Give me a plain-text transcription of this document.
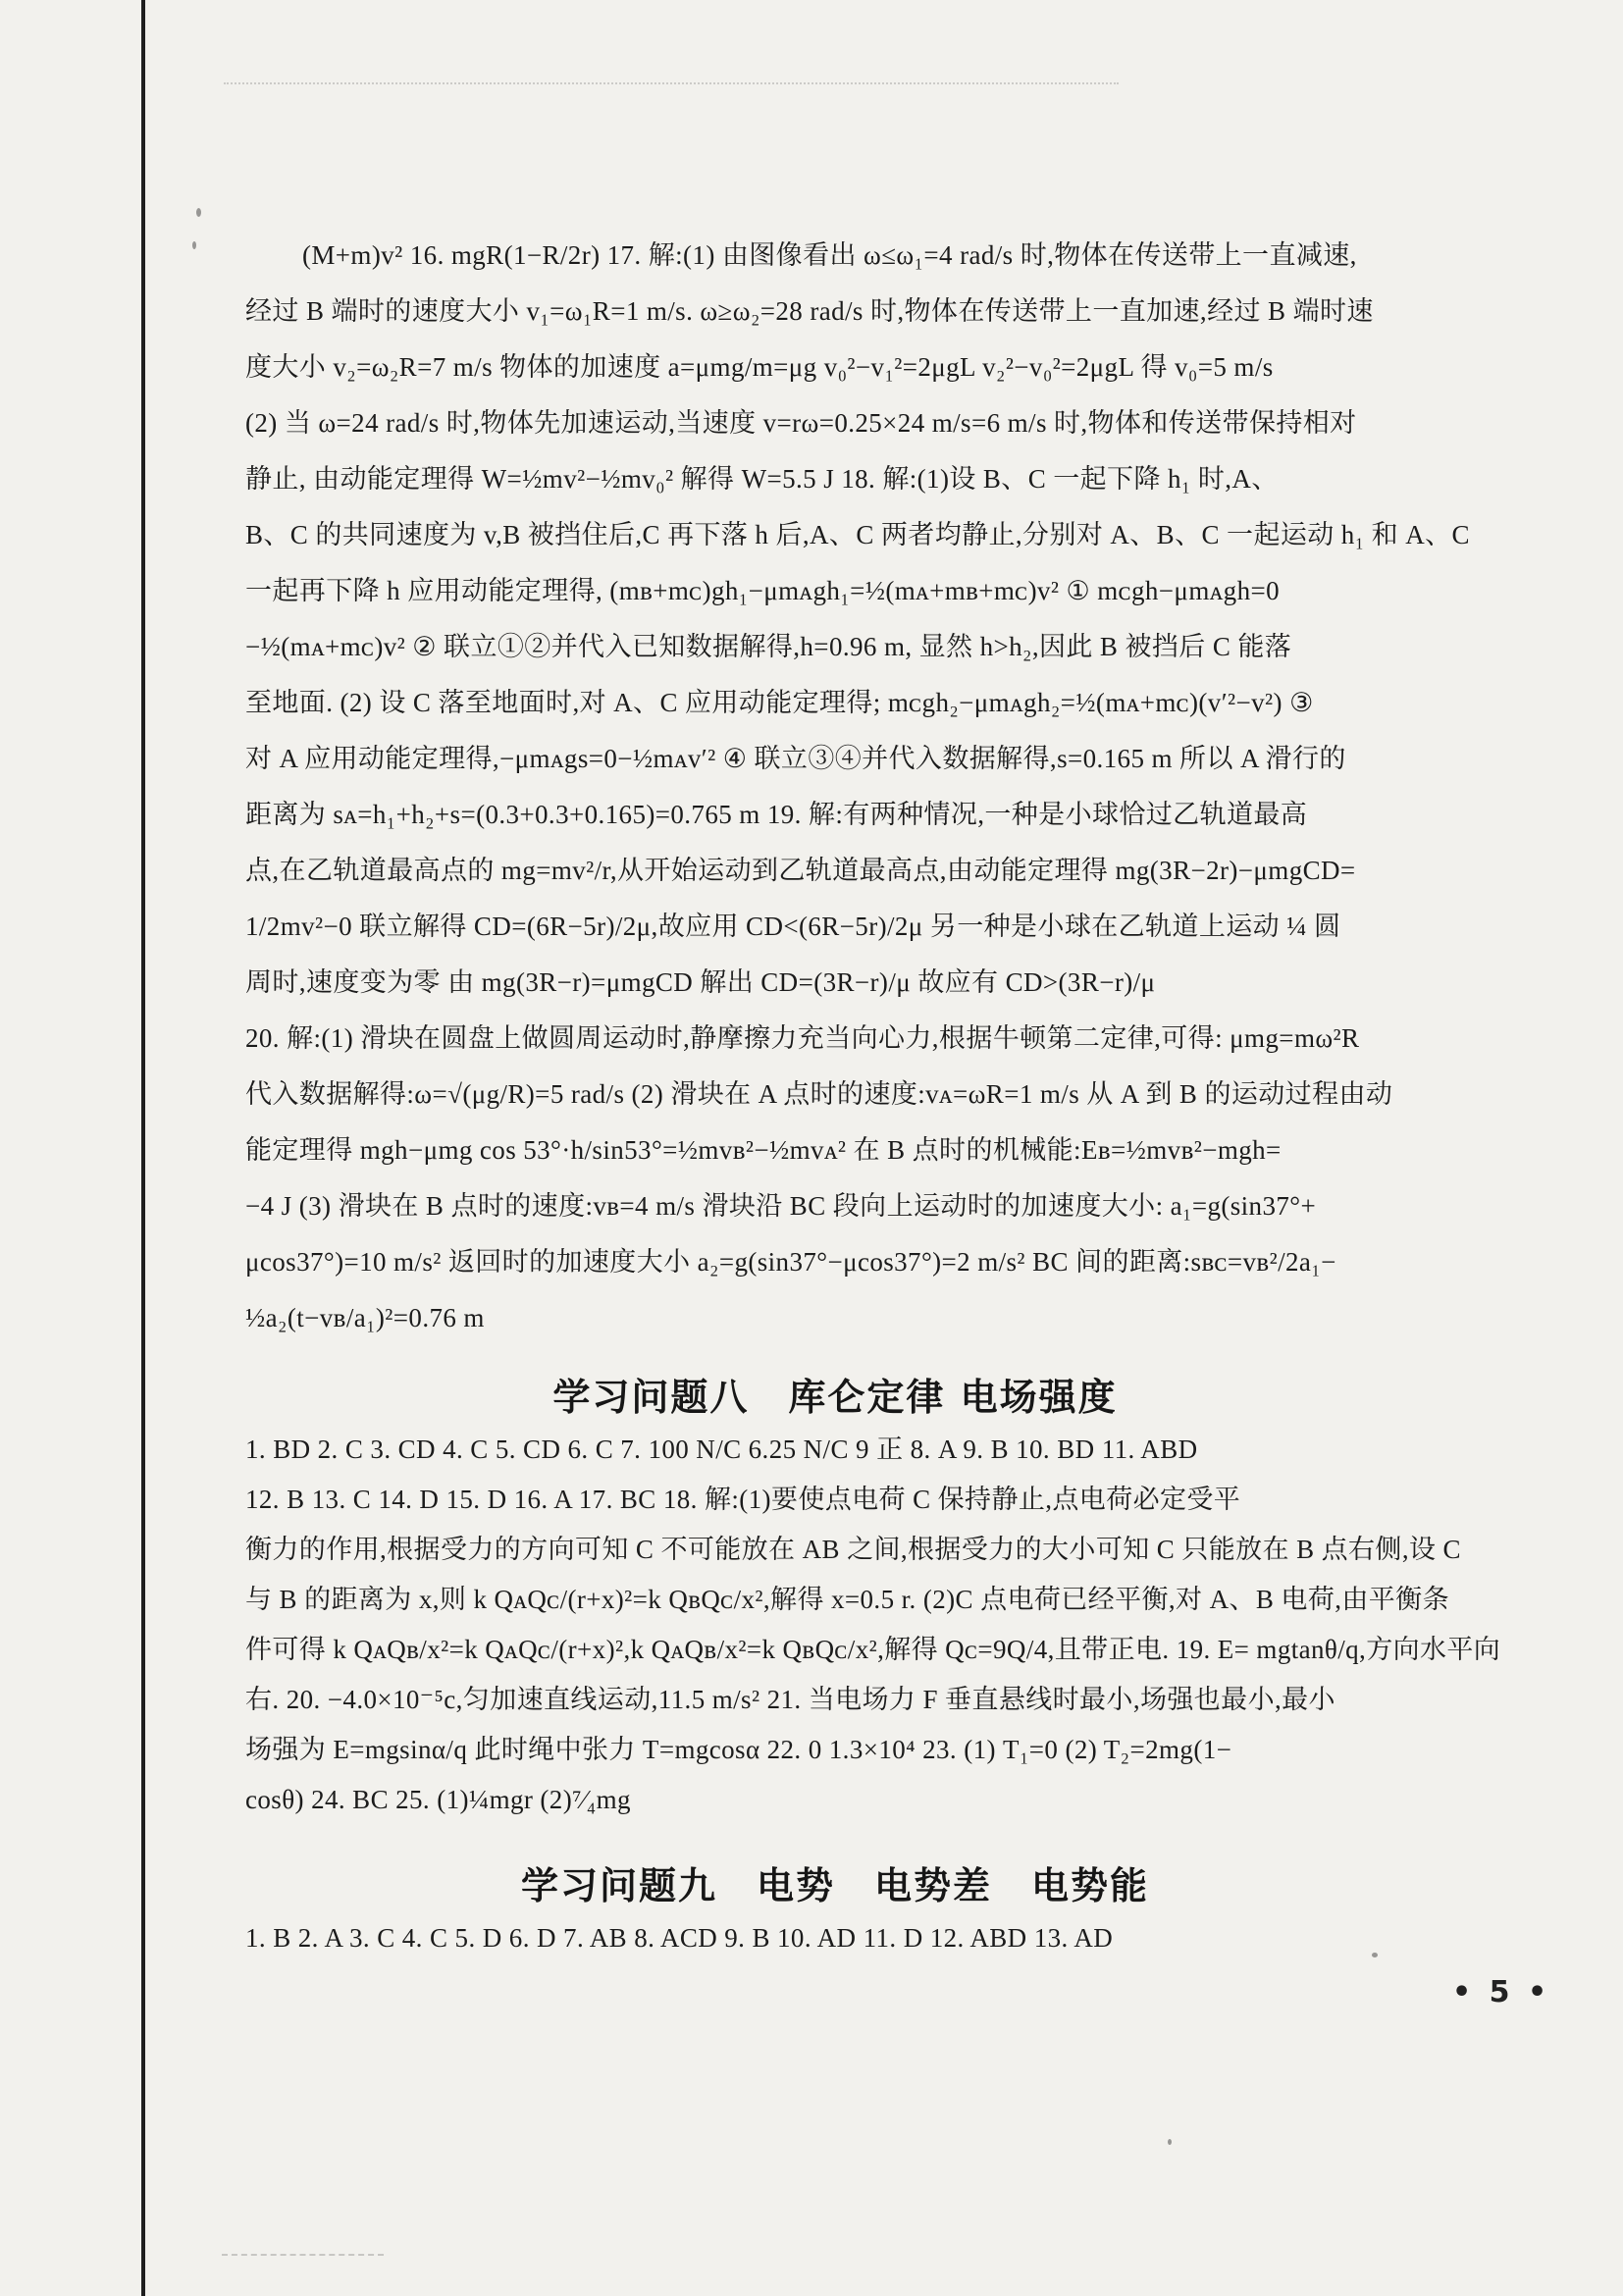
(M+m)v² 16. mgR(1−R/2r) 17. 解:(1) 由图像看出 ω≤ω₁=4 rad/s 时,物体在传送带上一直减速,
经过 B 端时的速度大小 v₁=ω₁R=1 m/s. ω≥ω₂=28 rad/s 时,物体在传送带上一直加速,经过 B 端时速
度大小 v₂=ω₂R=7 m/s 物体的加速度 a=μmg/m=μg v₀²−v₁²=2μgL v₂²−v₀²=2μgL 得 v₀=5 m/s
(2) 当 ω=24 rad/s 时,物体先加速运动,当速度 v=rω=0.25×24 m/s=6 m/s 时,物体和传送带保持相对
静止, 由动能定理得 W=½mv²−½mv₀² 解得 W=5.5 J 18. 解:(1)设 B、C 一起下降 h₁ 时,A、
B、C 的共同速度为 v,B 被挡住后,C 再下落 h 后,A、C 两者均静止,分别对 A、B、C 一起运动 h₁ 和 A、C
一起再下降 h 应用动能定理得, (mʙ+mᴄ)gh₁−μmᴀgh₁=½(mᴀ+mʙ+mᴄ)v² ① mᴄgh−μmᴀgh=0
−½(mᴀ+mᴄ)v² ② 联立①②并代入已知数据解得,h=0.96 m, 显然 h>h₂,因此 B 被挡后 C 能落
至地面. (2) 设 C 落至地面时,对 A、C 应用动能定理得; mᴄgh₂−μmᴀgh₂=½(mᴀ+mᴄ)(v′²−v²) ③
对 A 应用动能定理得,−μmᴀgs=0−½mᴀv′² ④ 联立③④并代入数据解得,s=0.165 m 所以 A 滑行的
距离为 sᴀ=h₁+h₂+s=(0.3+0.3+0.165)=0.765 m 19. 解:有两种情况,一种是小球恰过乙轨道最高
点,在乙轨道最高点的 mg=mv²/r,从开始运动到乙轨道最高点,由动能定理得 mg(3R−2r)−μmgCD=
1/2mv²−0 联立解得 CD=(6R−5r)/2μ,故应用 CD<(6R−5r)/2μ 另一种是小球在乙轨道上运动 ¼ 圆
周时,速度变为零 由 mg(3R−r)=μmgCD 解出 CD=(3R−r)/μ 故应有 CD>(3R−r)/μ
20. 解:(1) 滑块在圆盘上做圆周运动时,静摩擦力充当向心力,根据牛顿第二定律,可得: μmg=mω²R
代入数据解得:ω=√(μg/R)=5 rad/s (2) 滑块在 A 点时的速度:vᴀ=ωR=1 m/s 从 A 到 B 的运动过程由动
能定理得 mgh−μmg cos 53°·h/sin53°=½mvʙ²−½mvᴀ² 在 B 点时的机械能:Eʙ=½mvʙ²−mgh=
−4 J (3) 滑块在 B 点时的速度:vʙ=4 m/s 滑块沿 BC 段向上运动时的加速度大小: a₁=g(sin37°+
μcos37°)=10 m/s² 返回时的加速度大小 a₂=g(sin37°−μcos37°)=2 m/s² BC 间的距离:sʙᴄ=vʙ²/2a₁−
½a₂(t−vʙ/a₁)²=0.76 m
学习问题八　库仑定律 电场强度
1. BD 2. C 3. CD 4. C 5. CD 6. C 7. 100 N/C 6.25 N/C 9 正 8. A 9. B 10. BD 11. ABD
12. B 13. C 14. D 15. D 16. A 17. BC 18. 解:(1)要使点电荷 C 保持静止,点电荷必定受平
衡力的作用,根据受力的方向可知 C 不可能放在 AB 之间,根据受力的大小可知 C 只能放在 B 点右侧,设 C
与 B 的距离为 x,则 k QᴀQᴄ/(r+x)²=k QʙQᴄ/x²,解得 x=0.5 r. (2)C 点电荷已经平衡,对 A、B 电荷,由平衡条
件可得 k QᴀQʙ/x²=k QᴀQᴄ/(r+x)²,k QᴀQʙ/x²=k QʙQᴄ/x²,解得 Qᴄ=9Q/4,且带正电. 19. E= mgtanθ/q,方向水平向
右. 20. −4.0×10⁻⁵c,匀加速直线运动,11.5 m/s² 21. 当电场力 F 垂直悬线时最小,场强也最小,最小
场强为 E=mgsinα/q 此时绳中张力 T=mgcosα 22. 0 1.3×10⁴ 23. (1) T₁=0 (2) T₂=2mg(1−
cosθ) 24. BC 25. (1)¼mgr (2)⁷⁄₄mg
学习问题九　电势　电势差　电势能
1. B 2. A 3. C 4. C 5. D 6. D 7. AB 8. ACD 9. B 10. AD 11. D 12. ABD 13. AD
• 5 •
